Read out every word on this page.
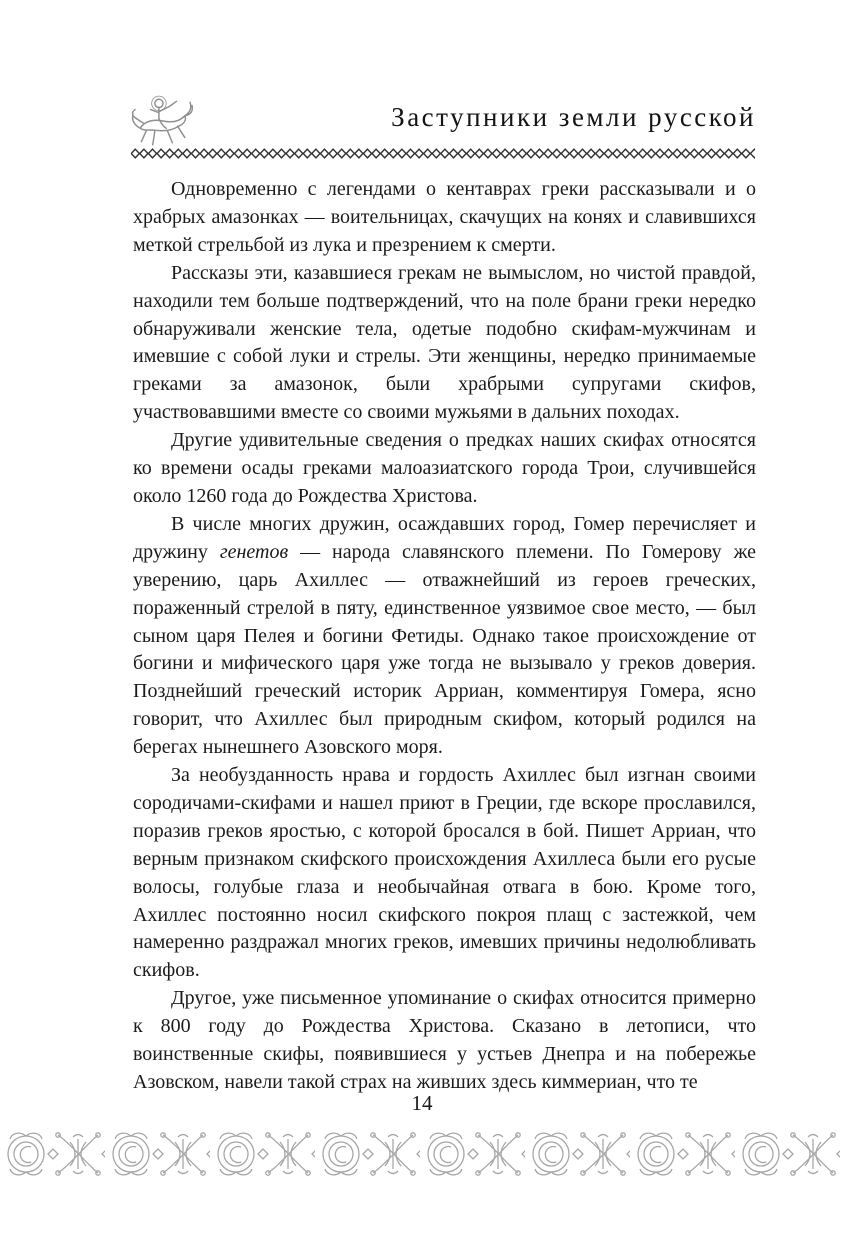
Заступники земли русской

Одновременно с легендами о кентаврах греки рассказывали и о храбрых амазонках — воительницах, скачущих на конях и славившихся меткой стрельбой из лука и презрением к смерти.

Рассказы эти, казавшиеся грекам не вымыслом, но чистой правдой, находили тем больше подтверждений, что на поле брани греки нередко обнаруживали женские тела, одетые подобно скифам-мужчинам и имевшие с собой луки и стрелы. Эти женщины, нередко принимаемые греками за амазонок, были храбрыми супругами скифов, участвовавшими вместе со своими мужьями в дальних походах.

Другие удивительные сведения о предках наших скифах относятся ко времени осады греками малоазиатского города Трои, случившейся около 1260 года до Рождества Христова.

В числе многих дружин, осаждавших город, Гомер перечисляет и дружину генетов — народа славянского племени. По Гомерову же уверению, царь Ахиллес — отважнейший из героев греческих, пораженный стрелой в пяту, единственное уязвимое свое место, — был сыном царя Пелея и богини Фетиды. Однако такое происхождение от богини и мифического царя уже тогда не вызывало у греков доверия. Позднейший греческий историк Арриан, комментируя Гомера, ясно говорит, что Ахиллес был природным скифом, который родился на берегах нынешнего Азовского моря.

За необузданность нрава и гордость Ахиллес был изгнан своими сородичами-скифами и нашел приют в Греции, где вскоре прославился, поразив греков яростью, с которой бросался в бой. Пишет Арриан, что верным признаком скифского происхождения Ахиллеса были его русые волосы, голубые глаза и необычайная отвага в бою. Кроме того, Ахиллес постоянно носил скифского покроя плащ с застежкой, чем намеренно раздражал многих греков, имевших причины недолюбливать скифов.

Другое, уже письменное упоминание о скифах относится примерно к 800 году до Рождества Христова. Сказано в летописи, что воинственные скифы, появившиеся у устьев Днепра и на побережье Азовском, навели такой страх на живших здесь киммериан, что те

14
